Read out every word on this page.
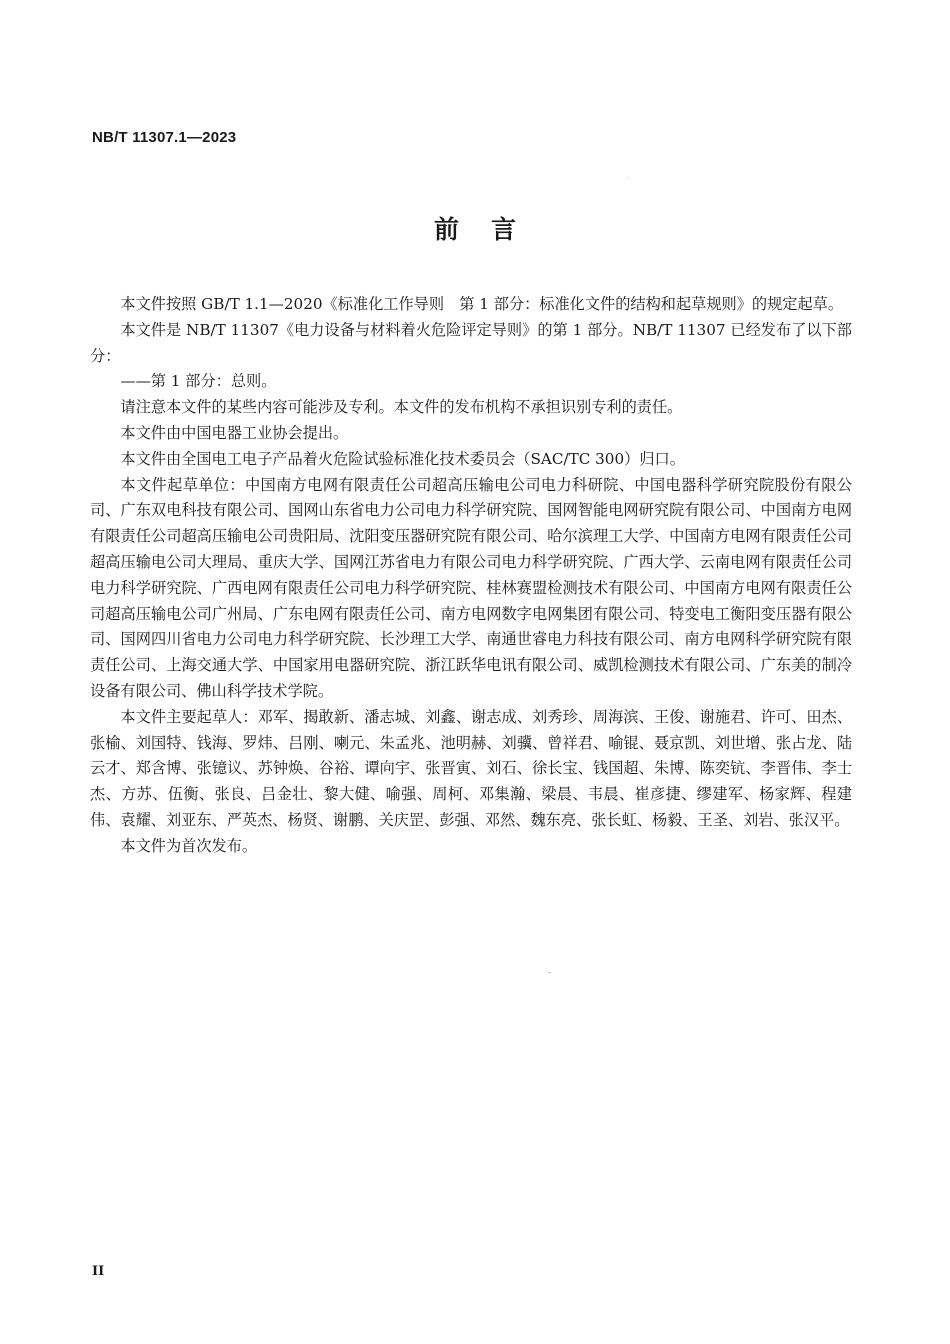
NB/T 11307.1—2023
前言

本文件按照 GB/T 1.1—2020《标准化工作导则　第 1 部分：标准化文件的结构和起草规则》的规定起草。

本文件是 NB/T 11307《电力设备与材料着火危险评定导则》的第 1 部分。NB/T 11307 已经发布了以下部分：

——第 1 部分：总则。

请注意本文件的某些内容可能涉及专利。本文件的发布机构不承担识别专利的责任。

本文件由中国电器工业协会提出。

本文件由全国电工电子产品着火危险试验标准化技术委员会（SAC/TC 300）归口。

本文件起草单位：中国南方电网有限责任公司超高压输电公司电力科研院、中国电器科学研究院股份有限公司、广东双电科技有限公司、国网山东省电力公司电力科学研究院、国网智能电网研究院有限公司、中国南方电网有限责任公司超高压输电公司贵阳局、沈阳变压器研究院有限公司、哈尔滨理工大学、中国南方电网有限责任公司超高压输电公司大理局、重庆大学、国网江苏省电力有限公司电力科学研究院、广西大学、云南电网有限责任公司电力科学研究院、广西电网有限责任公司电力科学研究院、桂林赛盟检测技术有限公司、中国南方电网有限责任公司超高压输电公司广州局、广东电网有限责任公司、南方电网数字电网集团有限公司、特变电工衡阳变压器有限公司、国网四川省电力公司电力科学研究院、长沙理工大学、南通世睿电力科技有限公司、南方电网科学研究院有限责任公司、上海交通大学、中国家用电器研究院、浙江跃华电讯有限公司、威凯检测技术有限公司、广东美的制冷设备有限公司、佛山科学技术学院。

本文件主要起草人：邓军、揭敢新、潘志城、刘鑫、谢志成、刘秀珍、周海滨、王俊、谢施君、许可、田杰、张榆、刘国特、钱海、罗炜、吕刚、喇元、朱孟兆、池明赫、刘骥、曾祥君、喻锟、聂京凯、刘世增、张占龙、陆云才、郑含博、张镱议、苏钟焕、谷裕、谭向宇、张晋寅、刘石、徐长宝、钱国超、朱博、陈奕钪、李晋伟、李士杰、方苏、伍衡、张良、吕金壮、黎大健、喻强、周柯、邓集瀚、梁晨、韦晨、崔彦捷、缪建军、杨家辉、程建伟、袁耀、刘亚东、严英杰、杨贤、谢鹏、关庆罡、彭强、邓然、魏东亮、张长虹、杨毅、王圣、刘岩、张汉平。

本文件为首次发布。

II
